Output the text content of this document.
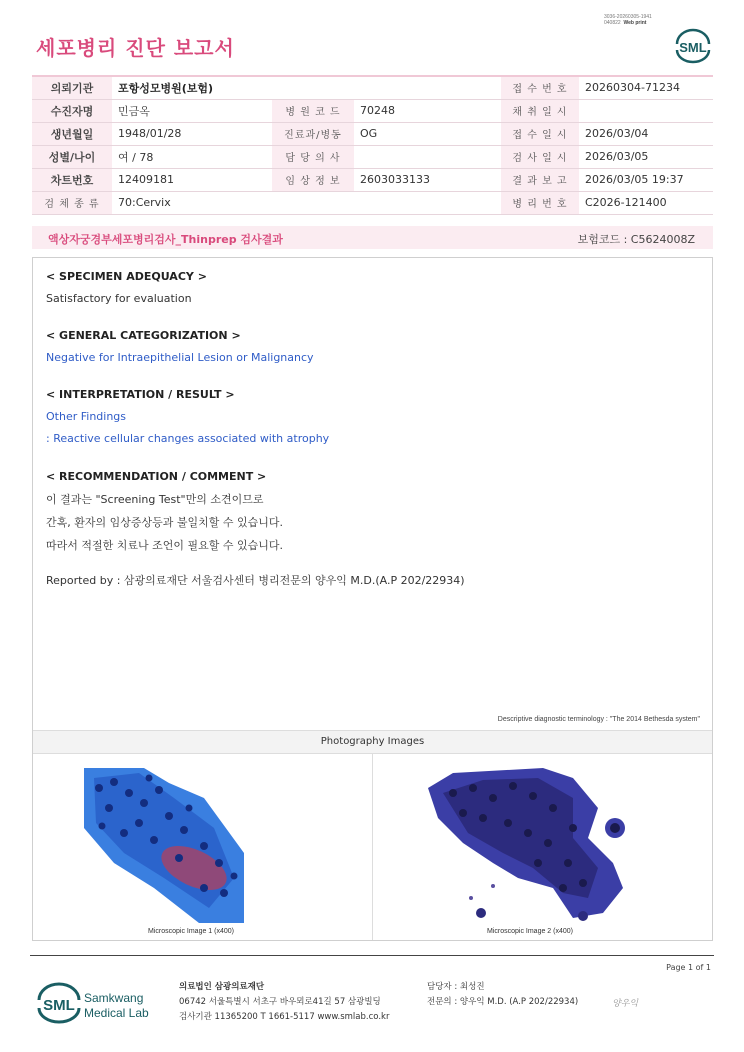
세포병리 진단 보고서
3036-20260305-1941
040822 Web print
SML
의뢰기관	포항성모병원(보험)			접 수 번 호	20260304-71234
수진자명	민금옥	병 원 코 드	70248	채 취 일 시	
생년월일	1948/01/28	진료과/병동	OG	접 수 일 시	2026/03/04
성별/나이	여 / 78	담 당 의 사		검 사 일 시	2026/03/05
차트번호	12409181	임 상 정 보	2603033133	결 과 보 고	2026/03/05 19:37
검 체 종 류	70:Cervix			병 리 번 호	C2026-121400
액상자궁경부세포병리검사_Thinprep 검사결과	보험코드 : C5624008Z
< SPECIMEN ADEQUACY >
Satisfactory for evaluation
< GENERAL CATEGORIZATION >
Negative for Intraepithelial Lesion or Malignancy
< INTERPRETATION / RESULT >
Other Findings
: Reactive cellular changes associated with atrophy
< RECOMMENDATION / COMMENT >
이 결과는 "Screening Test"만의 소견이므로
간혹, 환자의 임상증상등과 불일치할 수 있습니다.
따라서 적절한 치료나 조언이 필요할 수 있습니다.
Reported by : 삼광의료재단 서울검사센터 병리전문의 양우익 M.D.(A.P 202/22934)
Descriptive diagnostic terminology : "The 2014 Bethesda system"
Photography Images
Microscopic Image 1 (x400)	Microscopic Image 2 (x400)
Page 1 of 1
SML Samkwang
Medical Lab
의료법인 삼광의료재단
06742 서울특별시 서초구 바우뫼로41길 57 삼광빌딩
검사기관 11365200 T 1661-5117 www.smlab.co.kr
담당자 : 최성진
전문의 : 양우익 M.D. (A.P 202/22934)	양우익
